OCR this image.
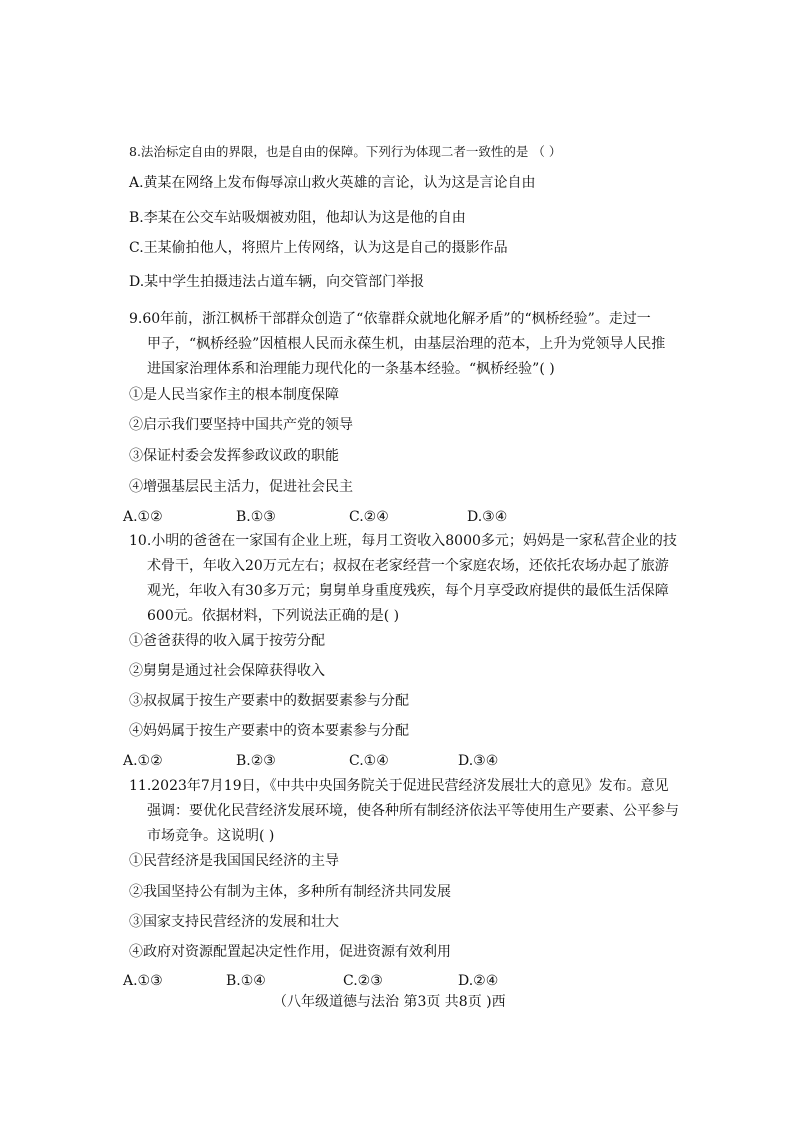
8.法治标定自由的界限，也是自由的保障。下列行为体现二者一致性的是 （ ）
A.黄某在网络上发布侮辱凉山救火英雄的言论，认为这是言论自由
B.李某在公交车站吸烟被劝阻，他却认为这是他的自由
C.王某偷拍他人，将照片上传网络，认为这是自己的摄影作品
D.某中学生拍摄违法占道车辆，向交管部门举报
9.60年前，浙江枫桥干部群众创造了“依靠群众就地化解矛盾”的“枫桥经验”。走过一
甲子，“枫桥经验”因植根人民而永葆生机，由基层治理的范本，上升为党领导人民推
进国家治理体系和治理能力现代化的一条基本经验。“枫桥经验”( )
①是人民当家作主的根本制度保障
②启示我们要坚持中国共产党的领导
③保证村委会发挥参政议政的职能
④增强基层民主活力，促进社会民主
A.①②	B.①③	C.②④	D.③④
10.小明的爸爸在一家国有企业上班，每月工资收入8000多元；妈妈是一家私营企业的技
术骨干，年收入20万元左右；叔叔在老家经营一个家庭农场，还依托农场办起了旅游
观光，年收入有30多万元；舅舅单身重度残疾，每个月享受政府提供的最低生活保障
600元。依据材料，下列说法正确的是( )
①爸爸获得的收入属于按劳分配
②舅舅是通过社会保障获得收入
③叔叔属于按生产要素中的数据要素参与分配
④妈妈属于按生产要素中的资本要素参与分配
A.①②	B.②③	C.①④	D.③④
11.2023年7月19日，《中共中央国务院关于促进民营经济发展壮大的意见》发布。意见
强调：要优化民营经济发展环境，使各种所有制经济依法平等使用生产要素、公平参与
市场竞争。这说明( )
①民营经济是我国国民经济的主导
②我国坚持公有制为主体，多种所有制经济共同发展
③国家支持民营经济的发展和壮大
④政府对资源配置起决定性作用，促进资源有效利用
A.①③	B.①④	C.②③	D.②④
（八年级道德与法治 第3页 共8页 )西
